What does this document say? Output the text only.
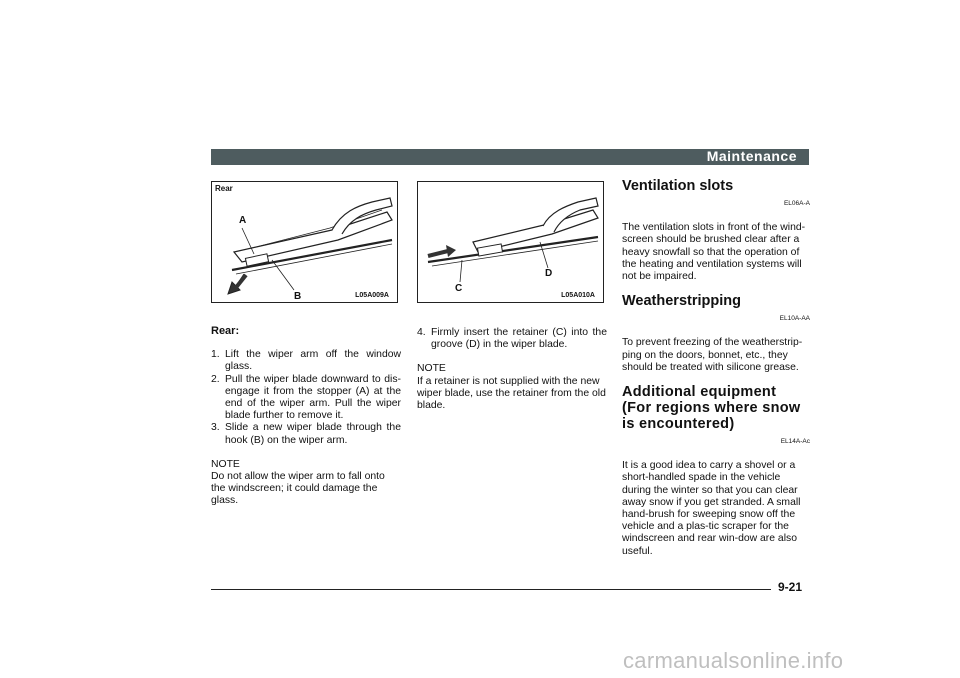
Maintenance
Rear
A
B	L05A009A
C
D
L05A010A
Rear:
1. Lift the wiper arm off the window glass.
2. Pull the wiper blade downward to dis-engage it from the stopper (A) at the end of the wiper arm. Pull the wiper blade further to remove it.
3. Slide a new wiper blade through the hook (B) on the wiper arm.
NOTE
Do not allow the wiper arm to fall onto the windscreen; it could damage the glass.
4. Firmly insert the retainer (C) into the groove (D) in the wiper blade.
NOTE
If a retainer is not supplied with the new wiper blade, use the retainer from the old blade.
Ventilation slots
EL06A-A
The ventilation slots in front of the wind-screen should be brushed clear after a heavy snowfall so that the operation of the heating and ventilation systems will not be impaired.
Weatherstripping
EL10A-AA
To prevent freezing of the weatherstrip-ping on the doors, bonnet, etc., they should be treated with silicone grease.
Additional equipment
(For regions where snow is encountered)
EL14A-Ac
It is a good idea to carry a shovel or a short-handled spade in the vehicle during the winter so that you can clear away snow if you get stranded. A small hand-brush for sweeping snow off the vehicle and a plas-tic scraper for the windscreen and rear win-dow are also useful.
9-21
carmanualsonline.info
